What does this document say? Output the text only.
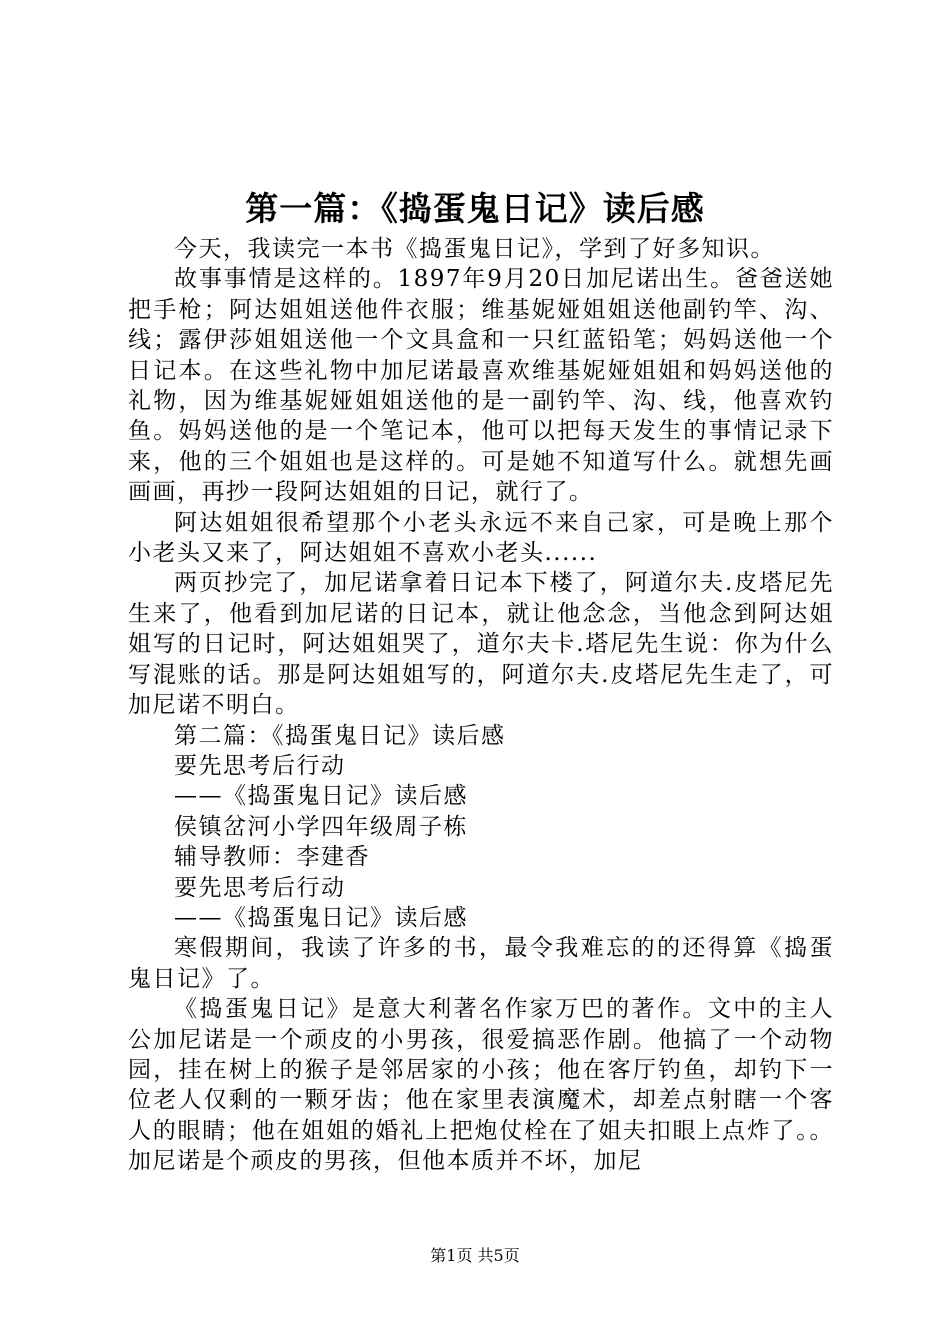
第一篇：《捣蛋鬼日记》读后感

今天，我读完一本书《捣蛋鬼日记》，学到了好多知识。

故事事情是这样的。1897年9月20日加尼诺出生。爸爸送她把手枪；阿达姐姐送他件衣服；维基妮娅姐姐送他副钓竿、沟、线；露伊莎姐姐送他一个文具盒和一只红蓝铅笔；妈妈送他一个日记本。在这些礼物中加尼诺最喜欢维基妮娅姐姐和妈妈送他的礼物，因为维基妮娅姐姐送他的是一副钓竿、沟、线，他喜欢钓鱼。妈妈送他的是一个笔记本，他可以把每天发生的事情记录下来，他的三个姐姐也是这样的。可是她不知道写什么。就想先画画画，再抄一段阿达姐姐的日记，就行了。

阿达姐姐很希望那个小老头永远不来自己家，可是晚上那个小老头又来了，阿达姐姐不喜欢小老头......

两页抄完了，加尼诺拿着日记本下楼了，阿道尔夫.皮塔尼先生来了，他看到加尼诺的日记本，就让他念念，当他念到阿达姐姐写的日记时，阿达姐姐哭了，道尔夫卡.塔尼先生说：你为什么写混账的话。那是阿达姐姐写的，阿道尔夫.皮塔尼先生走了，可加尼诺不明白。

第二篇：《捣蛋鬼日记》读后感

要先思考后行动

——《捣蛋鬼日记》读后感

侯镇岔河小学四年级周子栋

辅导教师：李建香

要先思考后行动

——《捣蛋鬼日记》读后感

寒假期间，我读了许多的书，最令我难忘的的还得算《捣蛋鬼日记》了。

《捣蛋鬼日记》是意大利著名作家万巴的著作。文中的主人公加尼诺是一个顽皮的小男孩，很爱搞恶作剧。他搞了一个动物园，挂在树上的猴子是邻居家的小孩；他在客厅钓鱼，却钓下一位老人仅剩的一颗牙齿；他在家里表演魔术，却差点射瞎一个客人的眼睛；他在姐姐的婚礼上把炮仗栓在了姐夫扣眼上点炸了。。加尼诺是个顽皮的男孩，但他本质并不坏，加尼

第1页 共5页
